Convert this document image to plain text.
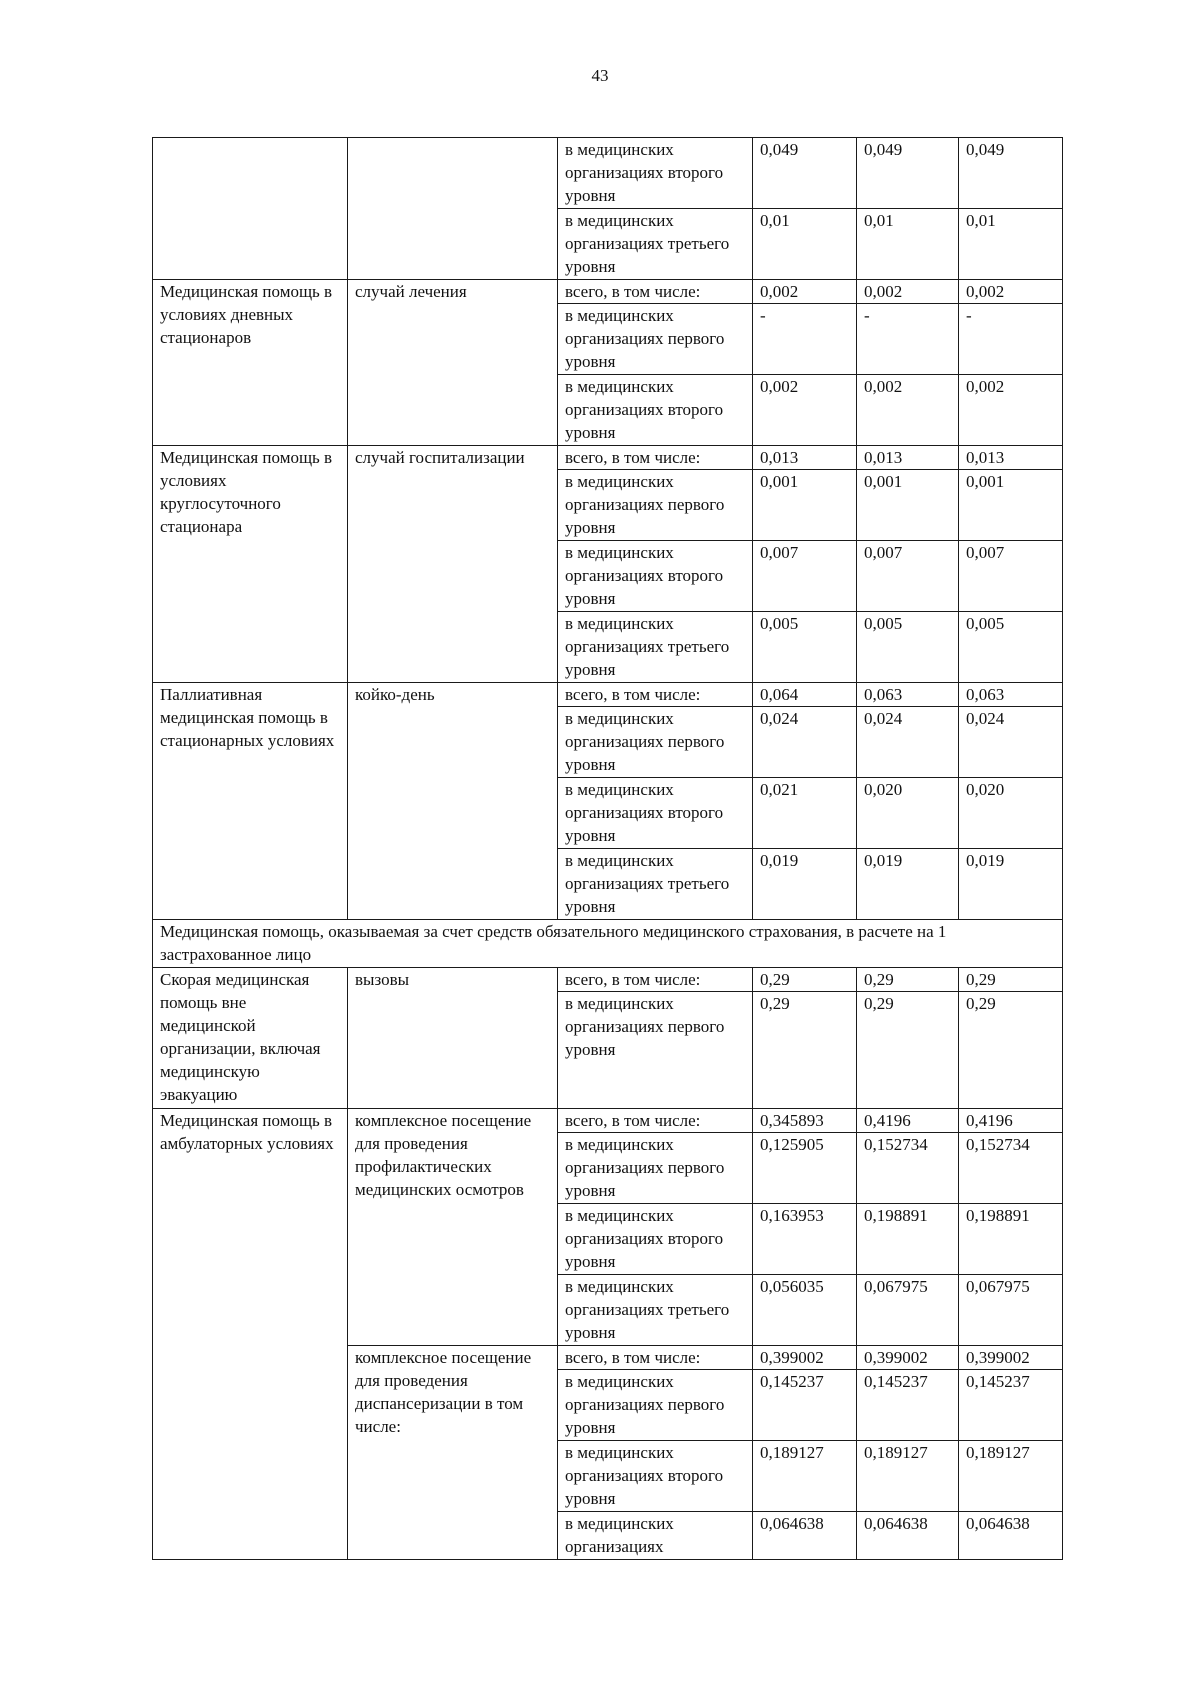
43
		в медицинских организациях второго уровня	0,049	0,049	0,049
		в медицинских организациях третьего уровня	0,01	0,01	0,01
Медицинская помощь в условиях дневных стационаров	случай лечения	всего, в том числе:	0,002	0,002	0,002
		в медицинских организациях первого уровня	-	-	-
		в медицинских организациях второго уровня	0,002	0,002	0,002
Медицинская помощь в условиях круглосуточного стационара	случай госпитализации	всего, в том числе:	0,013	0,013	0,013
		в медицинских организациях первого уровня	0,001	0,001	0,001
		в медицинских организациях второго уровня	0,007	0,007	0,007
		в медицинских организациях третьего уровня	0,005	0,005	0,005
Паллиативная медицинская помощь в стационарных условиях	койко-день	всего, в том числе:	0,064	0,063	0,063
		в медицинских организациях первого уровня	0,024	0,024	0,024
		в медицинских организациях второго уровня	0,021	0,020	0,020
		в медицинских организациях третьего уровня	0,019	0,019	0,019
Медицинская помощь, оказываемая за счет средств обязательного медицинского страхования, в расчете на 1 застрахованное лицо					
Скорая медицинская помощь вне медицинской организации, включая медицинскую эвакуацию	вызовы	всего, в том числе:	0,29	0,29	0,29
		в медицинских организациях первого уровня	0,29	0,29	0,29
Медицинская помощь в амбулаторных условиях	комплексное посещение для проведения профилактических медицинских осмотров	всего, в том числе:	0,345893	0,4196	0,4196
		в медицинских организациях первого уровня	0,125905	0,152734	0,152734
		в медицинских организациях второго уровня	0,163953	0,198891	0,198891
		в медицинских организациях третьего уровня	0,056035	0,067975	0,067975
	комплексное посещение для проведения диспансеризации в том числе:	всего, в том числе:	0,399002	0,399002	0,399002
		в медицинских организациях первого уровня	0,145237	0,145237	0,145237
		в медицинских организациях второго уровня	0,189127	0,189127	0,189127
		в медицинских организациях	0,064638	0,064638	0,064638
